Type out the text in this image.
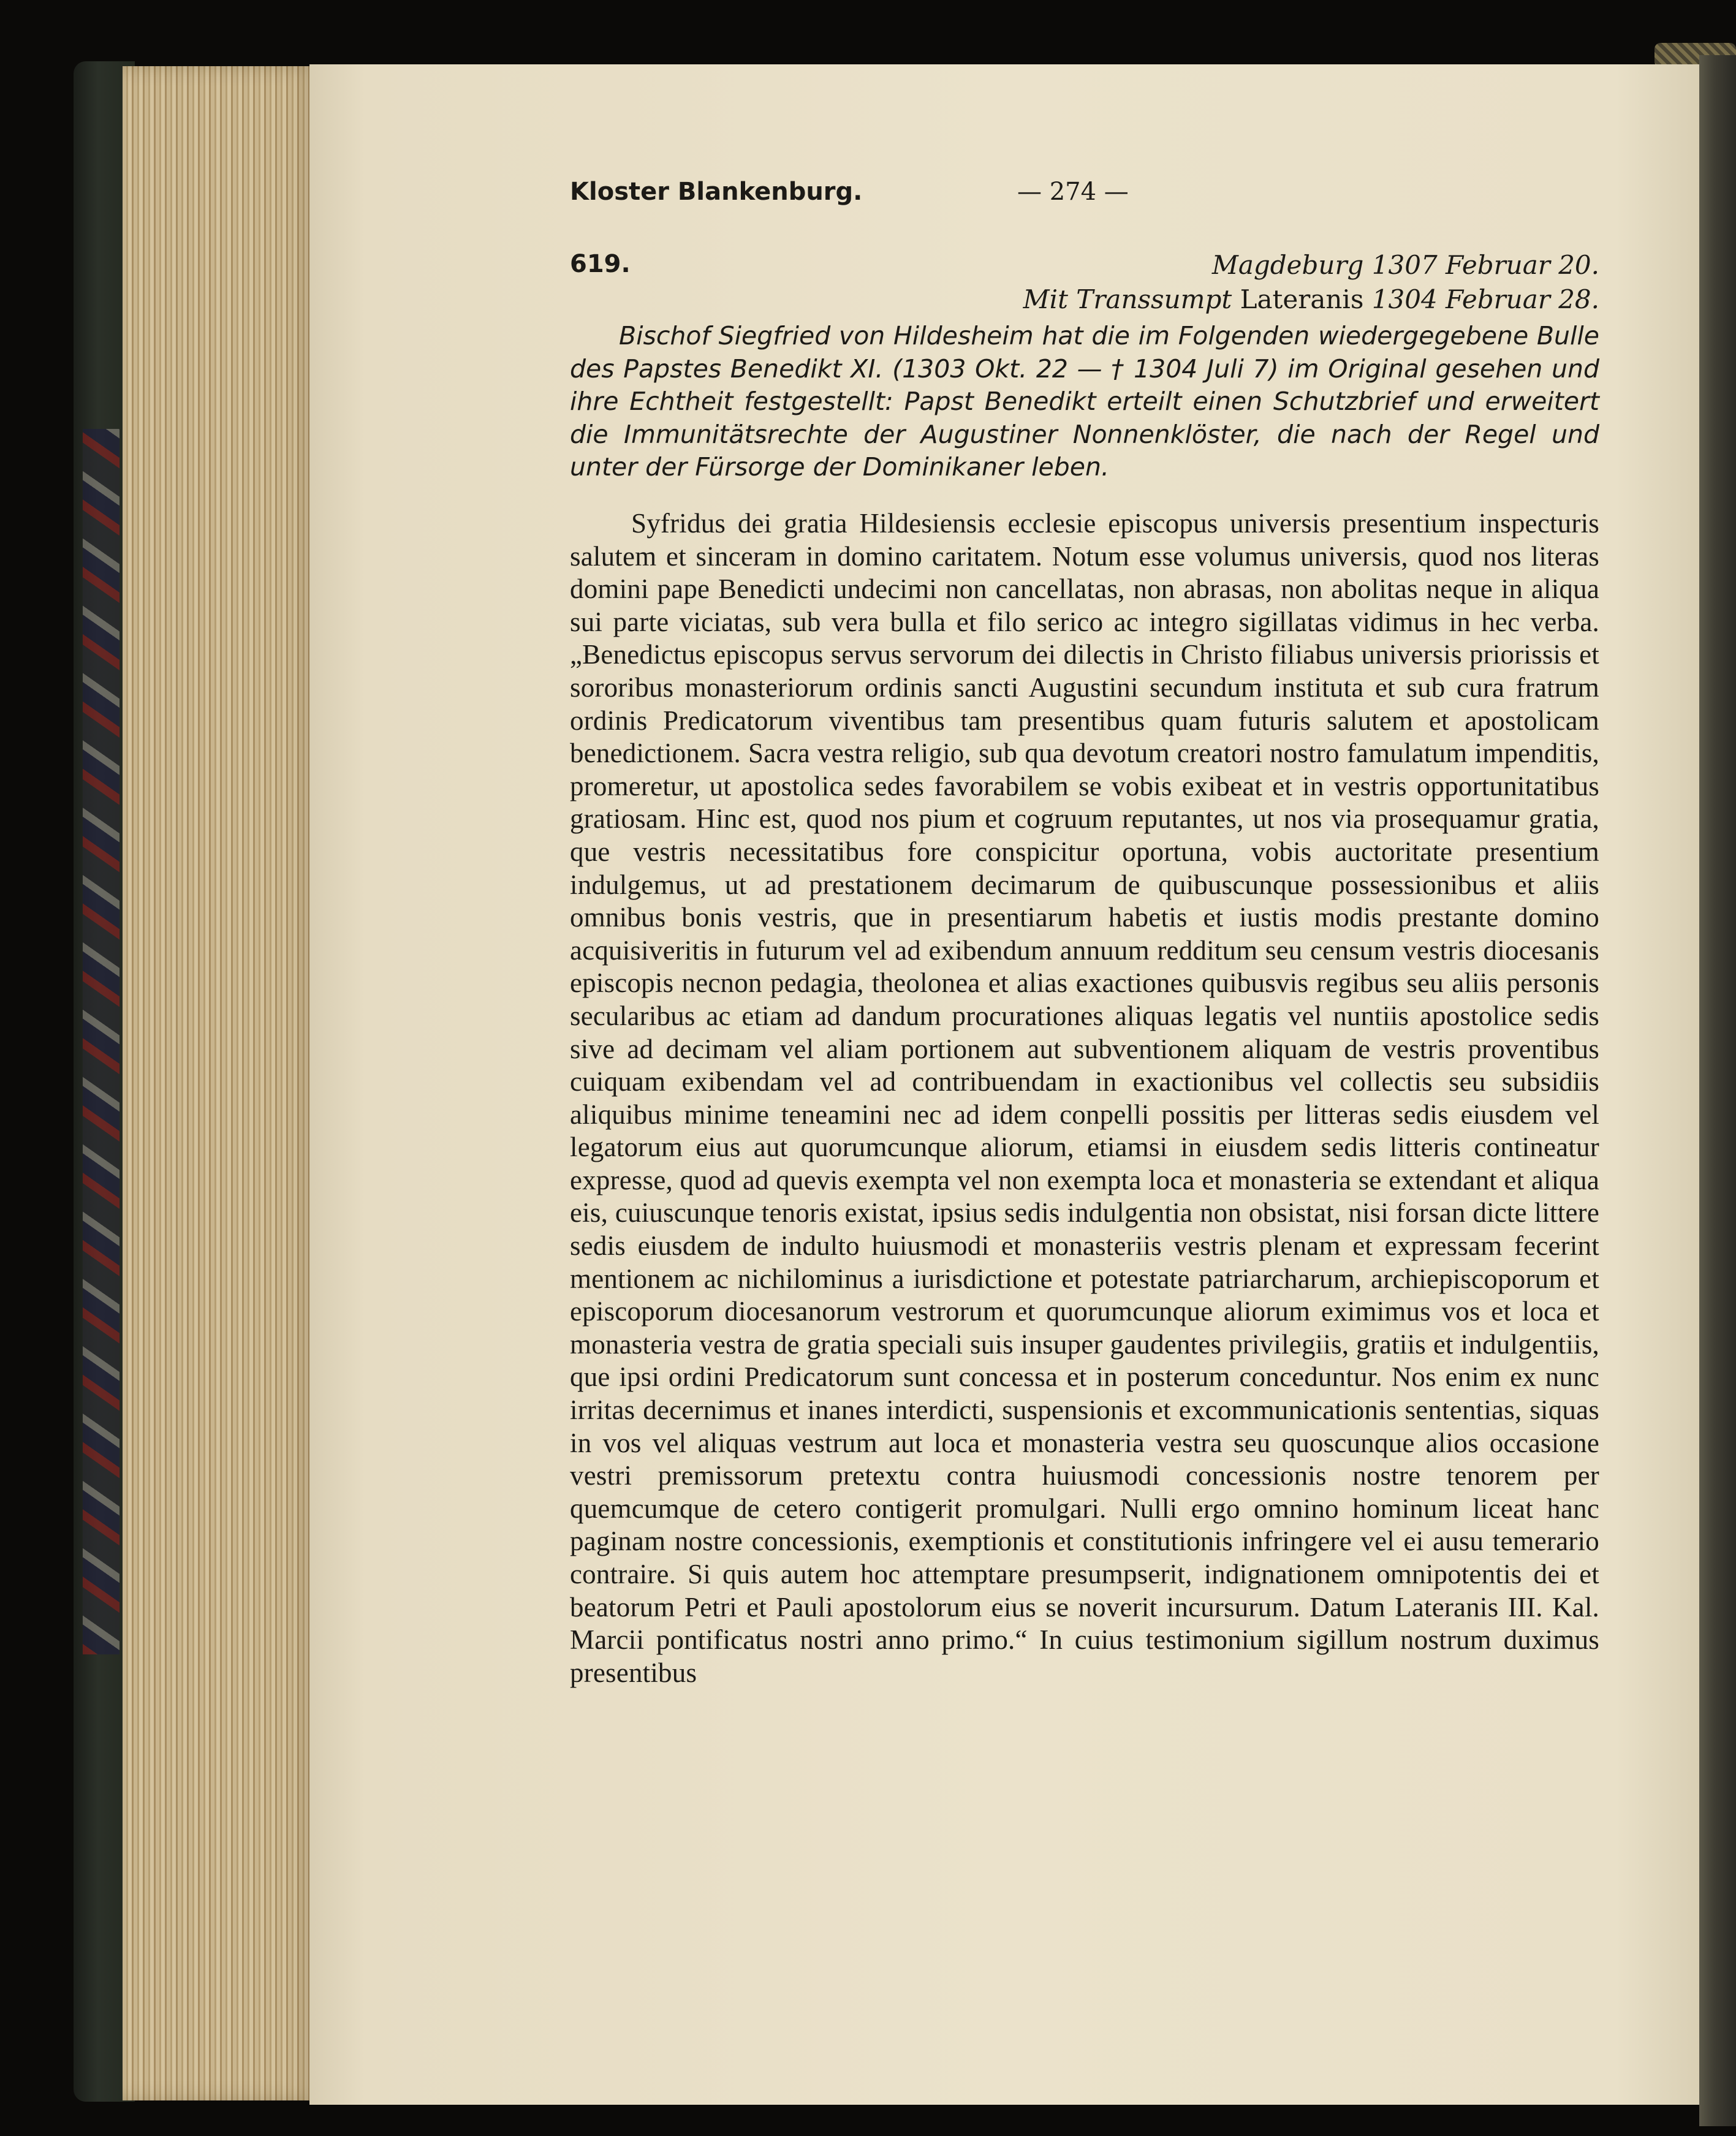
Kloster Blankenburg.	— 274 —
619.	Magdeburg 1307 Februar 20.
Mit Transsumpt Lateranis 1304 Februar 28.
Bischof Siegfried von Hildesheim hat die im Folgenden wiedergegebene Bulle des Papstes Benedikt XI. (1303 Okt. 22 — † 1304 Juli 7) im Original gesehen und ihre Echtheit festgestellt: Papst Benedikt erteilt einen Schutzbrief und erweitert die Immunitätsrechte der Augustiner Nonnenklöster, die nach der Regel und unter der Fürsorge der Dominikaner leben.
Syfridus dei gratia Hildesiensis ecclesie episcopus universis presentium inspecturis salutem et sinceram in domino caritatem. Notum esse volumus universis, quod nos literas domini pape Benedicti undecimi non cancellatas, non abrasas, non abolitas neque in aliqua sui parte viciatas, sub vera bulla et filo serico ac integro sigillatas vidimus in hec verba. „Benedictus episcopus servus servorum dei dilectis in Christo filiabus universis priorissis et sororibus monasteriorum ordinis sancti Augustini secundum instituta et sub cura fratrum ordinis Predicatorum viventibus tam presentibus quam futuris salutem et apostolicam benedictionem. Sacra vestra religio, sub qua devotum creatori nostro famulatum impenditis, promeretur, ut apostolica sedes favorabilem se vobis exibeat et in vestris opportunitatibus gratiosam. Hinc est, quod nos pium et cogruum reputantes, ut nos via prosequamur gratia, que vestris necessitatibus fore conspicitur oportuna, vobis auctoritate presentium indulgemus, ut ad prestationem decimarum de quibuscunque possessionibus et aliis omnibus bonis vestris, que in presentiarum habetis et iustis modis prestante domino acquisiveritis in futurum vel ad exibendum annuum redditum seu censum vestris diocesanis episcopis necnon pedagia, theolonea et alias exactiones quibusvis regibus seu aliis personis secularibus ac etiam ad dandum procurationes aliquas legatis vel nuntiis apostolice sedis sive ad decimam vel aliam portionem aut subventionem aliquam de vestris proventibus cuiquam exibendam vel ad contribuendam in exactionibus vel collectis seu subsidiis aliquibus minime teneamini nec ad idem conpelli possitis per litteras sedis eiusdem vel legatorum eius aut quorumcunque aliorum, etiamsi in eiusdem sedis litteris contineatur expresse, quod ad quevis exempta vel non exempta loca et monasteria se extendant et aliqua eis, cuiuscunque tenoris existat, ipsius sedis indulgentia non obsistat, nisi forsan dicte littere sedis eiusdem de indulto huiusmodi et monasteriis vestris plenam et expressam fecerint mentionem ac nichilominus a iurisdictione et potestate patriarcharum, archiepiscoporum et episcoporum diocesanorum vestrorum et quorumcunque aliorum eximimus vos et loca et monasteria vestra de gratia speciali suis insuper gaudentes privilegiis, gratiis et indulgentiis, que ipsi ordini Predicatorum sunt concessa et in posterum conceduntur. Nos enim ex nunc irritas decernimus et inanes interdicti, suspensionis et excommunicationis sententias, siquas in vos vel aliquas vestrum aut loca et monasteria vestra seu quoscunque alios occasione vestri premissorum pretextu contra huiusmodi concessionis nostre tenorem per quemcumque de cetero contigerit promulgari. Nulli ergo omnino hominum liceat hanc paginam nostre concessionis, exemptionis et constitutionis infringere vel ei ausu temerario contraire. Si quis autem hoc attemptare presumpserit, indignationem omnipotentis dei et beatorum Petri et Pauli apostolorum eius se noverit incursurum. Datum Lateranis III. Kal. Marcii pontificatus nostri anno primo.“ In cuius testimonium sigillum nostrum duximus presentibus
